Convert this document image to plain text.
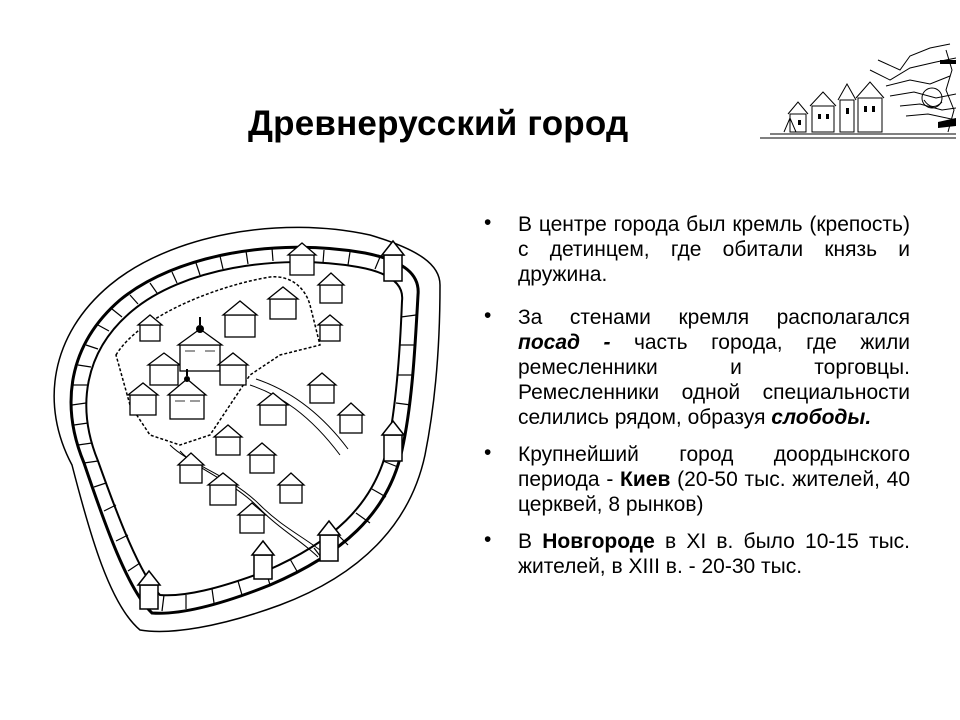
Древнерусский город
• В центре города был кремль (крепость) с детинцем, где обитали князь и дружина.
• За стенами кремля располагался посад - часть города, где жили ремесленники и торговцы. Ремесленники одной специальности селились рядом, образуя слободы.
• Крупнейший город доордынского периода - Киев (20-50 тыс. жителей, 40 церквей, 8 рынков)
• В Новгороде в XI в. было 10-15 тыс. жителей, в XIII в. - 20-30 тыс.
